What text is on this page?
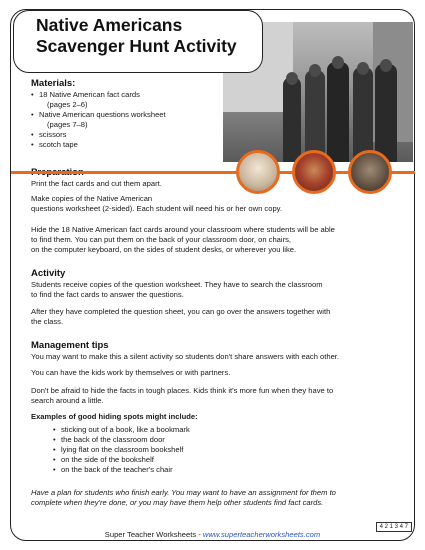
Native Americans
Scavenger Hunt Activity
Materials:
• 18 Native American fact cards
(pages 2–6)
• Native American questions worksheet
(pages 7–8)
• scissors
• scotch tape

Print the fact cards and cut them apart.

Make copies of the Native American
questions worksheet (2-sided). Each student will need his or her own copy.
Hide the 18 Native American fact cards around your classroom where students will be able
to find them. You can put them on the back of your classroom door, on chairs,
on the computer keyboard, on the sides of student desks, or wherever you like.
Activity
Students receive copies of the question worksheet. They have to search the classroom
to find the fact cards to answer the questions.
After they have completed the question sheet, you can go over the answers together with
the class.
Management tips
You may want to make this a silent activity so students don't share answers with each other.
You can have the kids work by themselves or with partners.
Don't be afraid to hide the facts in tough places. Kids think it's more fun when they have to
search around a little.
Examples of good hiding spots might include:
• sticking out of a book, like a bookmark
• the back of the classroom door
• lying flat on the classroom bookshelf
• on the side of the bookshelf
• on the back of the teacher's chair
Have a plan for students who finish early. You may want to have an assignment for them to
complete when they're done, or you may have them help other students find fact cards.
4 2 1 3 4 7
Super Teacher Worksheets - www.superteacherworksheets.com
